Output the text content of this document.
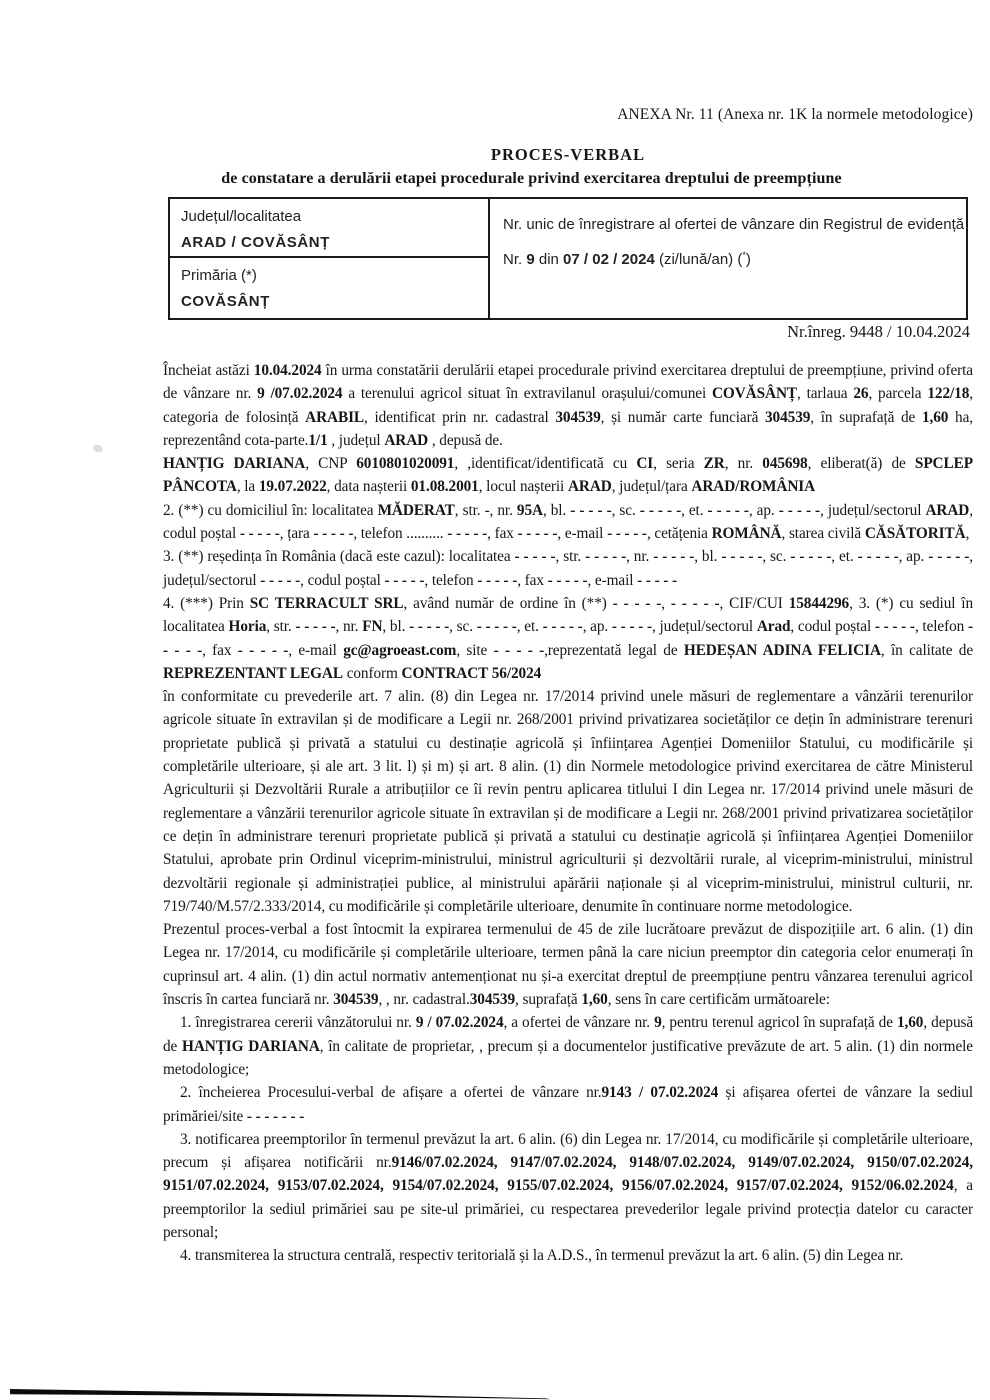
ANEXA Nr. 11 (Anexa nr. 1K la normele metodologice)
PROCES-VERBAL
de constatare a derulării etapei procedurale privind exercitarea dreptului de preempțiune
Județul/localitatea
ARAD / COVĂSÂNȚ
Primăria (*)
COVĂSÂNȚ
Nr. unic de înregistrare al ofertei de vânzare din Registrul de evidență
Nr. 9 din 07 / 02 / 2024 (zi/lună/an) (*)
Nr.înreg. 9448 / 10.04.2024

Încheiat astăzi 10.04.2024 în urma constatării derulării etapei procedurale privind exercitarea dreptului de preempțiune, privind oferta de vânzare nr. 9 /07.02.2024 a terenului agricol situat în extravilanul orașului/comunei COVĂSÂNȚ, tarlaua 26, parcela 122/18, categoria de folosință ARABIL, identificat prin nr. cadastral 304539, și număr carte funciară 304539, în suprafață de 1,60 ha, reprezentând cota-parte.1/1 , județul ARAD , depusă de.

HANȚIG DARIANA, CNP 6010801020091, ,identificat/identificată cu CI, seria ZR, nr. 045698, eliberat(ă) de SPCLEP PÂNCOTA, la 19.07.2022, data nașterii 01.08.2001, locul nașterii ARAD, județul/țara ARAD/ROMÂNIA

2. (**) cu domiciliul în: localitatea MĂDERAT, str. -, nr. 95A, bl. - - - - -, sc. - - - - -, et. - - - - -, ap. - - - - -, județul/sectorul ARAD, codul poștal - - - - -, țara - - - - -, telefon .......... - - - - -, fax - - - - -, e-mail - - - - -, cetățenia ROMÂNĂ, starea civilă CĂSĂTORITĂ,

3. (**) reședința în România (dacă este cazul): localitatea - - - - -, str. - - - - -, nr. - - - - -, bl. - - - - -, sc. - - - - -, et. - - - - -, ap. - - - - -, județul/sectorul - - - - -, codul poștal - - - - -, telefon - - - - -, fax - - - - -, e-mail - - - - -

4. (***) Prin SC TERRACULT SRL, având număr de ordine în (**) - - - - -, - - - - -, CIF/CUI 15844296, 3. (*) cu sediul în localitatea Horia, str. - - - - -, nr. FN, bl. - - - - -, sc. - - - - -, et. - - - - -, ap. - - - - -, județul/sectorul Arad, codul poștal - - - - -, telefon - - - - -, fax - - - - -, e-mail gc@agroeast.com, site - - - - -,reprezentată legal de HEDEȘAN ADINA FELICIA, în calitate de REPREZENTANT LEGAL conform CONTRACT 56/2024

în conformitate cu prevederile art. 7 alin. (8) din Legea nr. 17/2014 privind unele măsuri de reglementare a vânzării terenurilor agricole situate în extravilan și de modificare a Legii nr. 268/2001 privind privatizarea societăților ce dețin în administrare terenuri proprietate publică și privată a statului cu destinație agricolă și înființarea Agenției Domeniilor Statului, cu modificările și completările ulterioare, și ale art. 3 lit. l) și m) și art. 8 alin. (1) din Normele metodologice privind exercitarea de către Ministerul Agriculturii și Dezvoltării Rurale a atribuțiilor ce îi revin pentru aplicarea titlului I din Legea nr. 17/2014 privind unele măsuri de reglementare a vânzării terenurilor agricole situate în extravilan și de modificare a Legii nr. 268/2001 privind privatizarea societăților ce dețin în administrare terenuri proprietate publică și privată a statului cu destinație agricolă și înființarea Agenției Domeniilor Statului, aprobate prin Ordinul viceprim-ministrului, ministrul agriculturii și dezvoltării rurale, al viceprim-ministrului, ministrul dezvoltării regionale și administrației publice, al ministrului apărării naționale și al viceprim-ministrului, ministrul culturii, nr. 719/740/M.57/2.333/2014, cu modificările și completările ulterioare, denumite în continuare norme metodologice.

Prezentul proces-verbal a fost întocmit la expirarea termenului de 45 de zile lucrătoare prevăzut de dispozițiile art. 6 alin. (1) din Legea nr. 17/2014, cu modificările și completările ulterioare, termen până la care niciun preemptor din categoria celor enumerați în cuprinsul art. 4 alin. (1) din actul normativ antemenționat nu și-a exercitat dreptul de preempțiune pentru vânzarea terenului agricol înscris în cartea funciară nr. 304539, , nr. cadastral.304539, suprafață 1,60, sens în care certificăm următoarele:

1. înregistrarea cererii vânzătorului nr. 9 / 07.02.2024, a ofertei de vânzare nr. 9, pentru terenul agricol în suprafață de 1,60, depusă de HANȚIG DARIANA, în calitate de proprietar, , precum și a documentelor justificative prevăzute de art. 5 alin. (1) din normele metodologice;

2. încheierea Procesului-verbal de afișare a ofertei de vânzare nr.9143 / 07.02.2024 și afișarea ofertei de vânzare la sediul primăriei/site - - - - - - -

3. notificarea preemptorilor în termenul prevăzut la art. 6 alin. (6) din Legea nr. 17/2014, cu modificările și completările ulterioare, precum și afișarea notificării nr.9146/07.02.2024, 9147/07.02.2024, 9148/07.02.2024, 9149/07.02.2024, 9150/07.02.2024, 9151/07.02.2024, 9153/07.02.2024, 9154/07.02.2024, 9155/07.02.2024, 9156/07.02.2024, 9157/07.02.2024, 9152/06.02.2024, a preemptorilor la sediul primăriei sau pe site-ul primăriei, cu respectarea prevederilor legale privind protecția datelor cu caracter personal;

4. transmiterea la structura centrală, respectiv teritorială și la A.D.S., în termenul prevăzut la art. 6 alin. (5) din Legea nr.
